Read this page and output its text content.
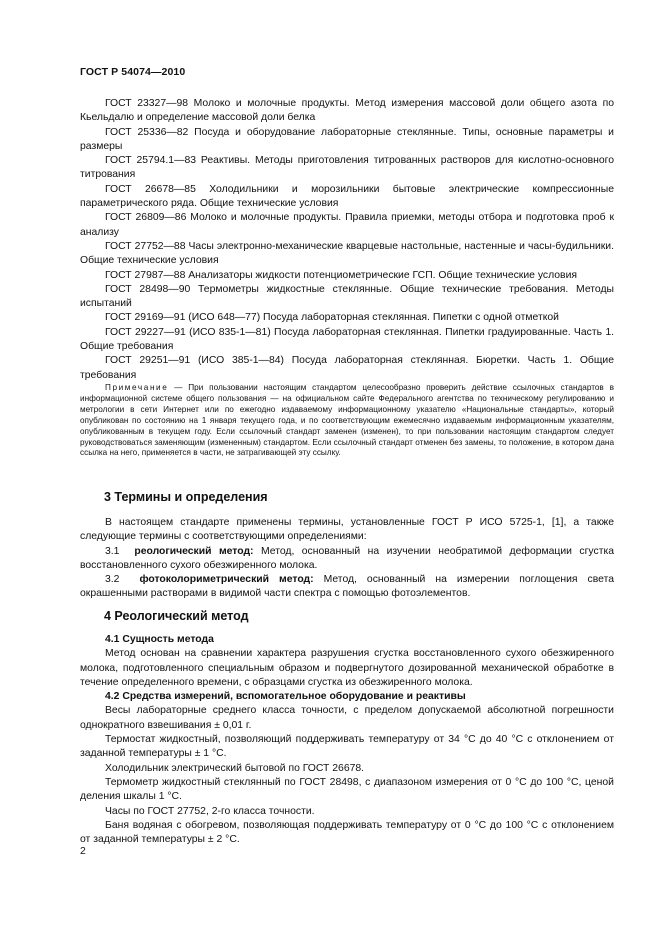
ГОСТ Р 54074—2010

ГОСТ 23327—98 Молоко и молочные продукты. Метод измерения массовой доли общего азота по Кьельдалю и определение массовой доли белка

ГОСТ 25336—82 Посуда и оборудование лабораторные стеклянные. Типы, основные параметры и размеры

ГОСТ 25794.1—83 Реактивы. Методы приготовления титрованных растворов для кислотно-основного титрования

ГОСТ 26678—85 Холодильники и морозильники бытовые электрические компрессионные параметрического ряда. Общие технические условия

ГОСТ 26809—86 Молоко и молочные продукты. Правила приемки, методы отбора и подготовка проб к анализу

ГОСТ 27752—88 Часы электронно-механические кварцевые настольные, настенные и часы-будильники. Общие технические условия

ГОСТ 27987—88 Анализаторы жидкости потенциометрические ГСП. Общие технические условия

ГОСТ 28498—90 Термометры жидкостные стеклянные. Общие технические требования. Методы испытаний

ГОСТ 29169—91 (ИСО 648—77) Посуда лабораторная стеклянная. Пипетки с одной отметкой

ГОСТ 29227—91 (ИСО 835-1—81) Посуда лабораторная стеклянная. Пипетки градуированные. Часть 1. Общие требования

ГОСТ 29251—91 (ИСО 385-1—84) Посуда лабораторная стеклянная. Бюретки. Часть 1. Общие требования

Примечание — При пользовании настоящим стандартом целесообразно проверить действие ссылочных стандартов в информационной системе общего пользования — на официальном сайте Федерального агентства по техническому регулированию и метрологии в сети Интернет или по ежегодно издаваемому информационному указателю «Национальные стандарты», который опубликован по состоянию на 1 января текущего года, и по соответствующим ежемесячно издаваемым информационным указателям, опубликованным в текущем году. Если ссылочный стандарт заменен (изменен), то при пользовании настоящим стандартом следует руководствоваться заменяющим (измененным) стандартом. Если ссылочный стандарт отменен без замены, то положение, в котором дана ссылка на него, применяется в части, не затрагивающей эту ссылку.

3 Термины и определения

В настоящем стандарте применены термины, установленные ГОСТ Р ИСО 5725-1, [1], а также следующие термины с соответствующими определениями:

3.1 реологический метод: Метод, основанный на изучении необратимой деформации сгустка восстановленного сухого обезжиренного молока.

3.2 фотоколориметрический метод: Метод, основанный на измерении поглощения света окрашенными растворами в видимой части спектра с помощью фотоэлементов.

4 Реологический метод

4.1 Сущность метода

Метод основан на сравнении характера разрушения сгустка восстановленного сухого обезжиренного молока, подготовленного специальным образом и подвергнутого дозированной механической обработке в течение определенного времени, с образцами сгустка из обезжиренного молока.

4.2 Средства измерений, вспомогательное оборудование и реактивы

Весы лабораторные среднего класса точности, с пределом допускаемой абсолютной погрешности однократного взвешивания ± 0,01 г.

Термостат жидкостный, позволяющий поддерживать температуру от 34 °С до 40 °С с отклонением от заданной температуры ± 1 °С.

Холодильник электрический бытовой по ГОСТ 26678.

Термометр жидкостный стеклянный по ГОСТ 28498, с диапазоном измерения от 0 °С до 100 °С, ценой деления шкалы 1 °С.

Часы по ГОСТ 27752, 2-го класса точности.

Баня водяная с обогревом, позволяющая поддерживать температуру от 0 °С до 100 °С с отклонением от заданной температуры ± 2 °С.

2
